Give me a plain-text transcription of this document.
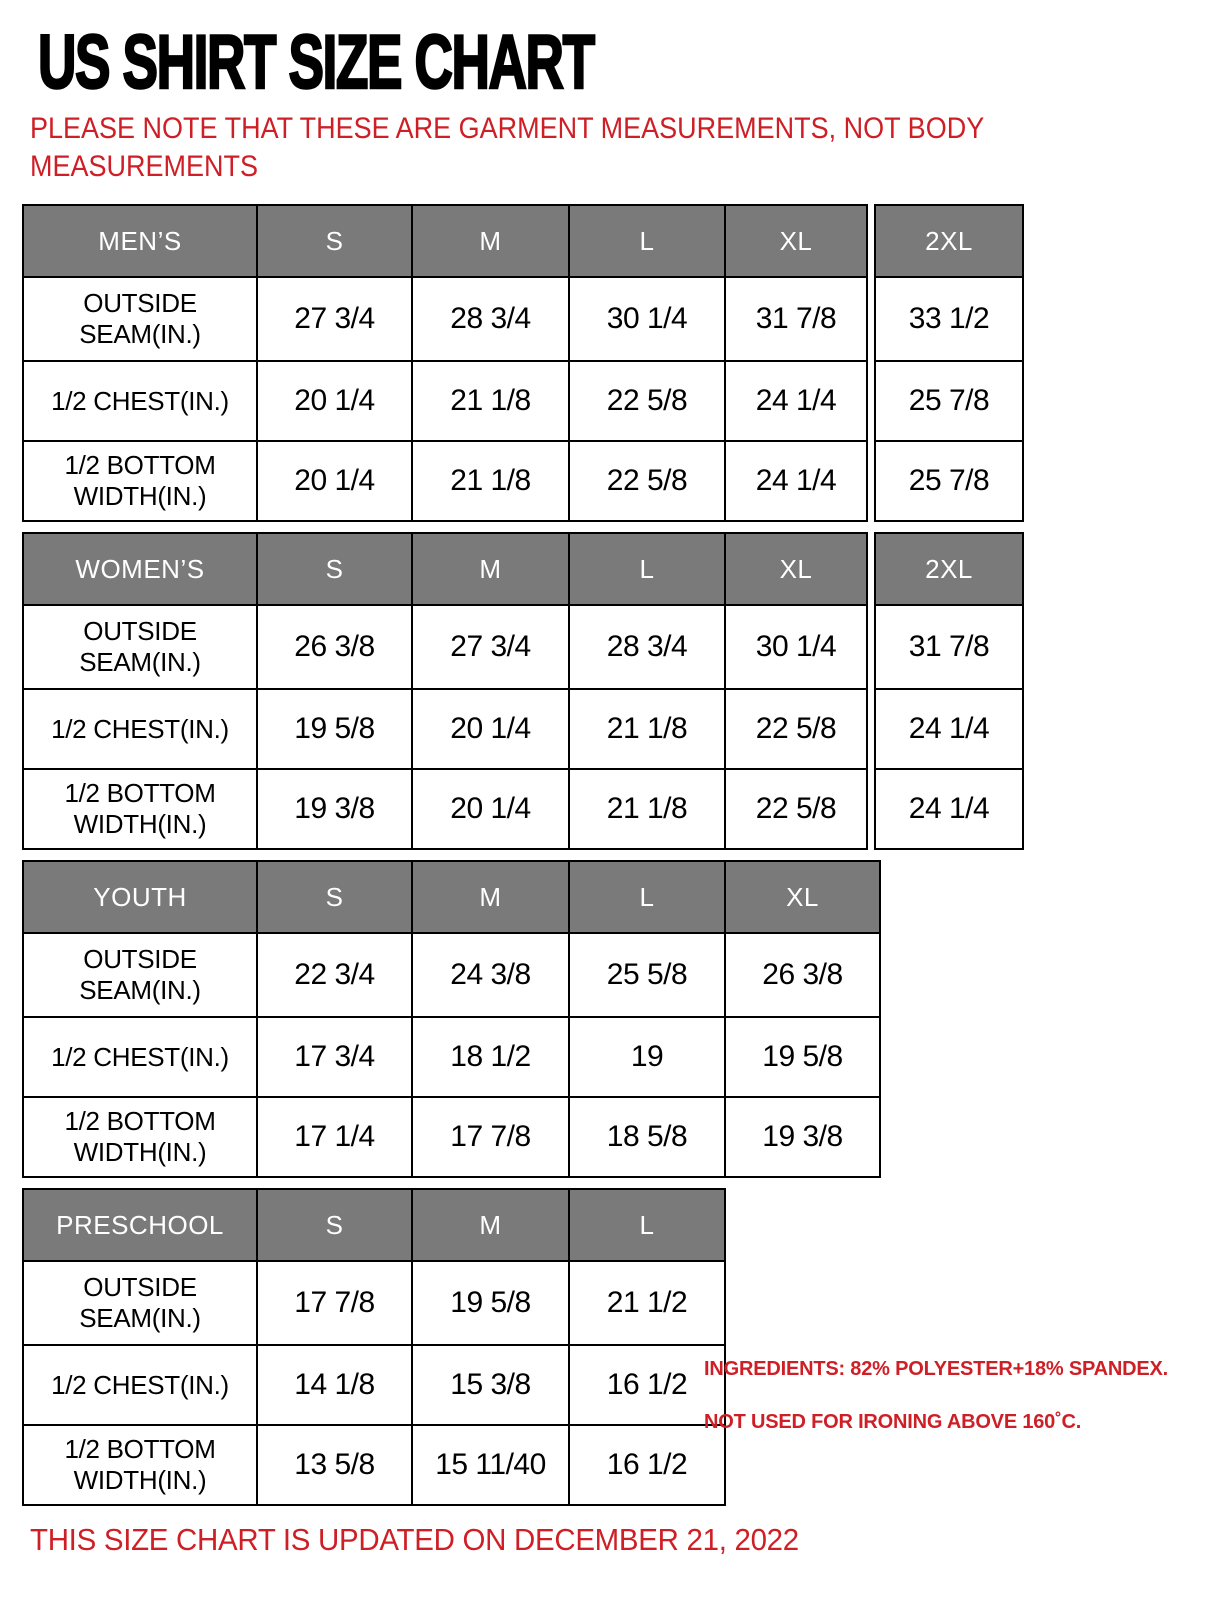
US SHIRT SIZE CHART
PLEASE NOTE THAT THESE ARE GARMENT MEASUREMENTS, NOT BODY
MEASUREMENTS
MEN’S	S	M	L	XL		2XL
OUTSIDE SEAM(IN.)	27 3/4	28 3/4	30 1/4	31 7/8		33 1/2
1/2 CHEST(IN.)	20 1/4	21 1/8	22 5/8	24 1/4		25 7/8
1/2 BOTTOM WIDTH(IN.)	20 1/4	21 1/8	22 5/8	24 1/4		25 7/8
WOMEN’S	S	M	L	XL		2XL
OUTSIDE SEAM(IN.)	26 3/8	27 3/4	28 3/4	30 1/4		31 7/8
1/2 CHEST(IN.)	19 5/8	20 1/4	21 1/8	22 5/8		24 1/4
1/2 BOTTOM WIDTH(IN.)	19 3/8	20 1/4	21 1/8	22 5/8		24 1/4
YOUTH	S	M	L	XL
OUTSIDE SEAM(IN.)	22 3/4	24 3/8	25 5/8	26 3/8
1/2 CHEST(IN.)	17 3/4	18 1/2	19	19 5/8
1/2 BOTTOM WIDTH(IN.)	17 1/4	17 7/8	18 5/8	19 3/8
PRESCHOOL	S	M	L
OUTSIDE SEAM(IN.)	17 7/8	19 5/8	21 1/2
1/2 CHEST(IN.)	14 1/8	15 3/8	16 1/2
1/2 BOTTOM WIDTH(IN.)	13 5/8	15 11/40	16 1/2

INGREDIENTS: 82% POLYESTER+18% SPANDEX.

NOT USED FOR IRONING ABOVE 160˚C.

THIS SIZE CHART IS UPDATED ON DECEMBER 21, 2022
